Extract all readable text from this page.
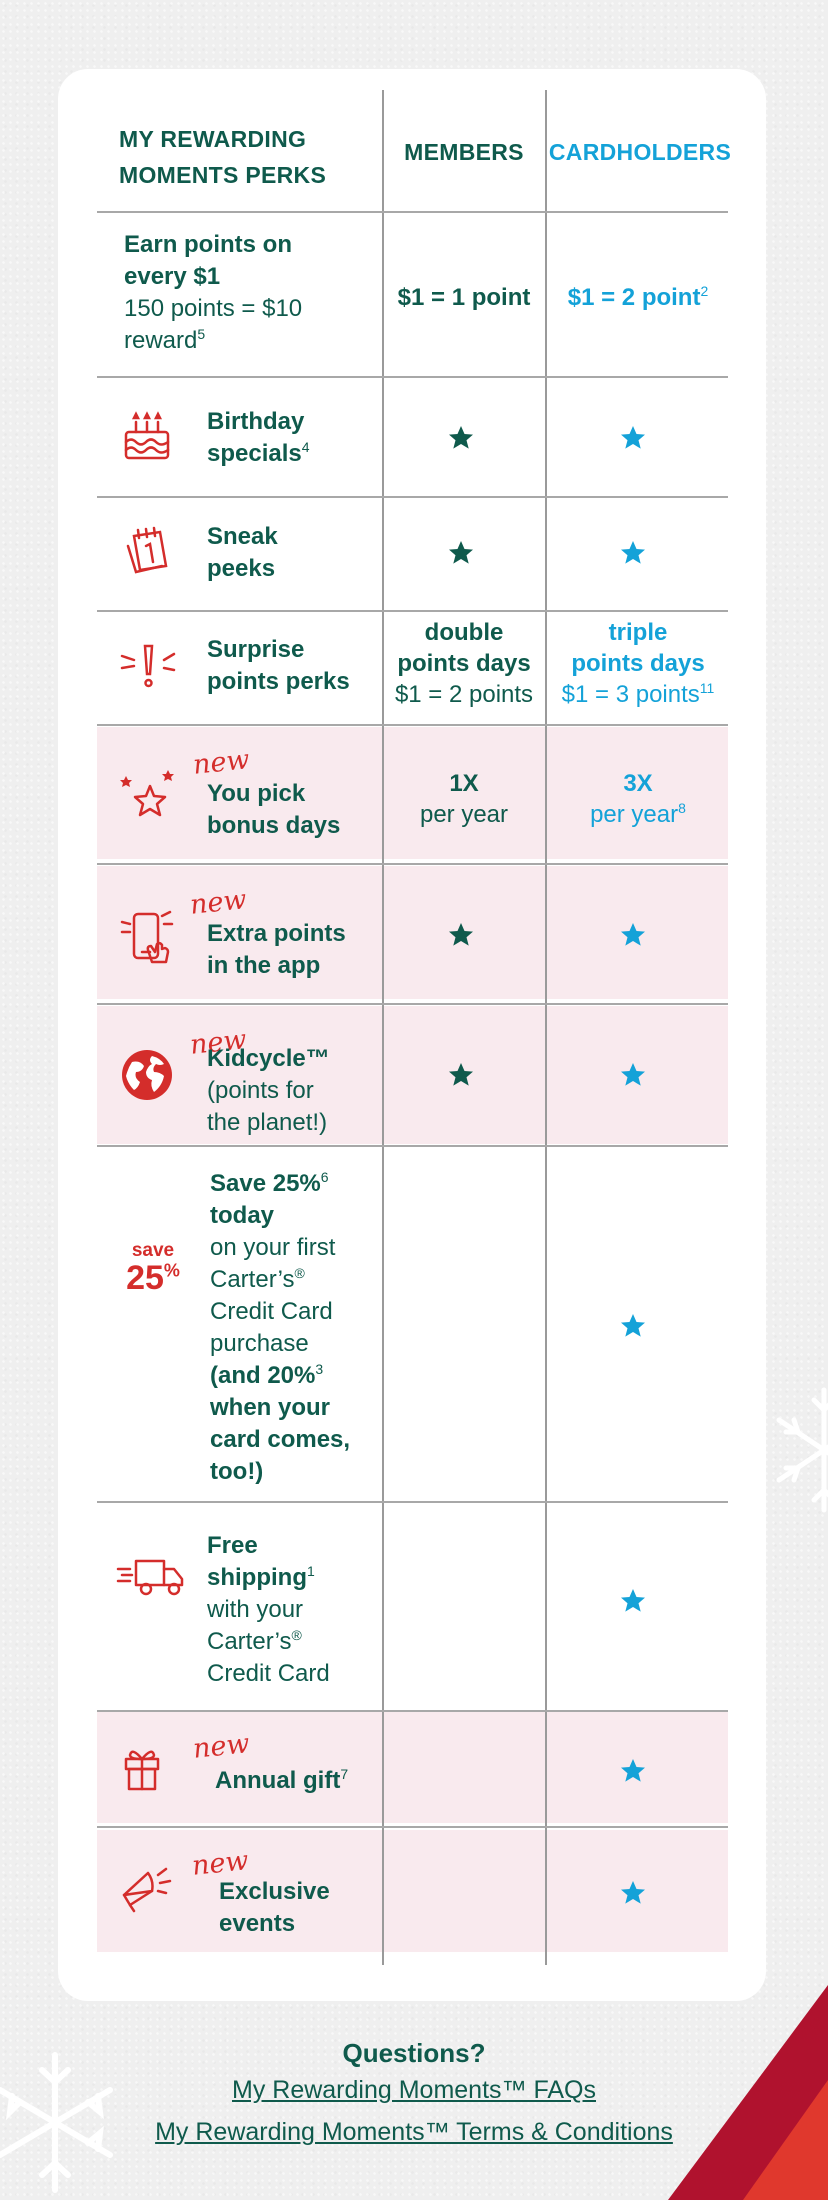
MY REWARDING
MOMENTS PERKS
MEMBERS	CARDHOLDERS
Earn points on
every $1
150 points = $10
reward$^5$
$1 = 1 point	$1 = 2 point$^2$
Birthday
specials$^4$
Sneak
peeks
Surprise
points perks
double
points days
$1 = 2 points
triple
points days
$1 = 3 points$^{11}$
new
You pick
bonus days
1X
per year
3X
per year$^8$
new
Extra points
in the app
new
Kidcycle™
(points for
the planet!)
save
25%
Save 25%$^6$
today
on your first
Carter’s®
Credit Card
purchase
(and 20%$^3$
when your
card comes,
too!)
Free
shipping$^1$
with your
Carter’s®
Credit Card
new
Annual gift$^7$
new
Exclusive
events
Questions?
My Rewarding Moments™ FAQs
My Rewarding Moments™ Terms & Conditions
